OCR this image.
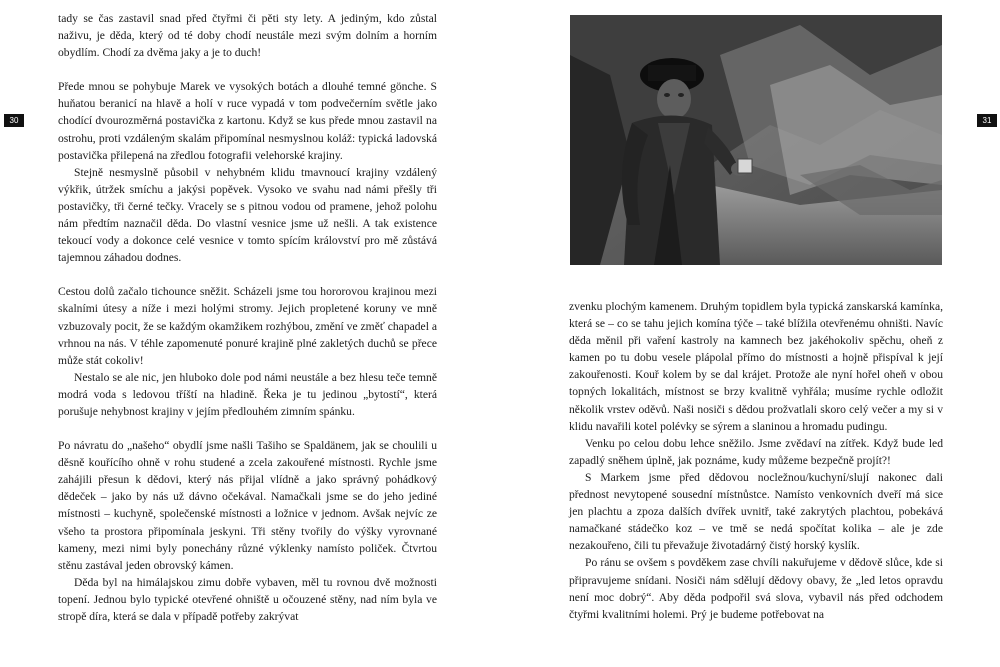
tady se čas zastavil snad před čtyřmi či pěti sty lety. A jediným, kdo zůstal naživu, je děda, který od té doby chodí neustále mezi svým dolním a horním obydlím. Chodí za dvěma jaky a je to duch!

Přede mnou se pohybuje Marek ve vysokých botách a dlouhé temné gönche. S huňatou beranicí na hlavě a holí v ruce vypadá v tom podvečerním světle jako chodící dvourozměrná postavička z kartonu. Když se kus přede mnou zastavil na ostrohu, proti vzdáleným skalám připomínal nesmyslnou koláž: typická ladovská postavička přilepená na zředlou fotografii velehorské krajiny.

Stejně nesmyslně působil v nehybném klidu tmavnoucí krajiny vzdálený výkřik, útržek smíchu a jakýsi popěvek. Vysoko ve svahu nad námi přešly tři postavičky, tři černé tečky. Vracely se s pitnou vodou od pramene, jehož polohu nám předtím naznačil děda. Do vlastní vesnice jsme už nešli. A tak existence tekoucí vody a dokonce celé vesnice v tomto spícím království pro mě zůstává tajemnou záhadou dodnes.

Cestou dolů začalo tichounce sněžit. Scházeli jsme tou hororovou krajinou mezi skalními útesy a níže i mezi holými stromy. Jejich propletené koruny ve mně vzbuzovaly pocit, že se každým okamžikem rozhýbou, změní ve změť chapadel a vrhnou na nás. V téhle zapomenuté ponuré krajině plné zakletých duchů se přece může stát cokoliv!

Nestalo se ale nic, jen hluboko dole pod námi neustále a bez hlesu teče temně modrá voda s ledovou tříští na hladině. Řeka je tu jedinou „bytostí“, která porušuje nehybnost krajiny v jejím předlouhém zimním spánku.

Po návratu do „našeho“ obydlí jsme našli Tašiho se Spaldänem, jak se choulili u děsně kouřícího ohně v rohu studené a zcela zakouřené místnosti. Rychle jsme zahájili přesun k dědovi, který nás přijal vlídně a jako správný pohádkový dědeček – jako by nás už dávno očekával. Namačkali jsme se do jeho jediné místnosti – kuchyně, společenské místnosti a ložnice v jednom. Avšak nejvíc ze všeho ta prostora připomínala jeskyni. Tři stěny tvořily do výšky vyrovnané kameny, mezi nimi byly ponechány různé výklenky namísto poliček. Čtvrtou stěnu zastával jeden obrovský kámen.

Děda byl na himálajskou zimu dobře vybaven, měl tu rovnou dvě možnosti topení. Jednou bylo typické otevřené ohniště u očouzené stěny, nad ním byla ve stropě díra, která se dala v případě potřeby zakrývat

30

zvenku plochým kamenem. Druhým topidlem byla typická zanskarská kamínka, která se – co se tahu jejich komína týče – také blížila otevřenému ohništi. Navíc děda měnil při vaření kastroly na kamnech bez jakéhokoliv spěchu, oheň z kamen po tu dobu vesele plápolal přímo do místnosti a hojně přispíval k její zakouřenosti. Kouř kolem by se dal krájet. Protože ale nyní hořel oheň v obou topných lokalitách, místnost se brzy kvalitně vyhřála; musíme rychle odložit několik vrstev oděvů. Naši nosiči s dědou prožvatlali skoro celý večer a my si v klidu navařili kotel polévky se sýrem a slaninou a hromadu pudingu.

Venku po celou dobu lehce sněžilo. Jsme zvědaví na zítřek. Když bude led zapadlý sněhem úplně, jak poznáme, kudy můžeme bezpečně projít?!

S Markem jsme před dědovou nocležnou/kuchyní/slují nakonec dali přednost nevytopené sousední místnůstce. Namísto venkovních dveří má sice jen plachtu a zpoza dalších dvířek uvnitř, také zakrytých plachtou, pobekává namačkané stádečko koz – ve tmě se nedá spočítat kolika – ale je zde nezakouřeno, čili tu převažuje životadárný čistý horský kyslík.

Po ránu se ovšem s povděkem zase chvíli nakuřujeme v dědově slůce, kde si připravujeme snídani. Nosiči nám sdělují dědovy obavy, že „led letos opravdu není moc dobrý“. Aby děda podpořil svá slova, vybavil nás před odchodem čtyřmi kvalitními holemi. Prý je budeme potřebovat na

31
